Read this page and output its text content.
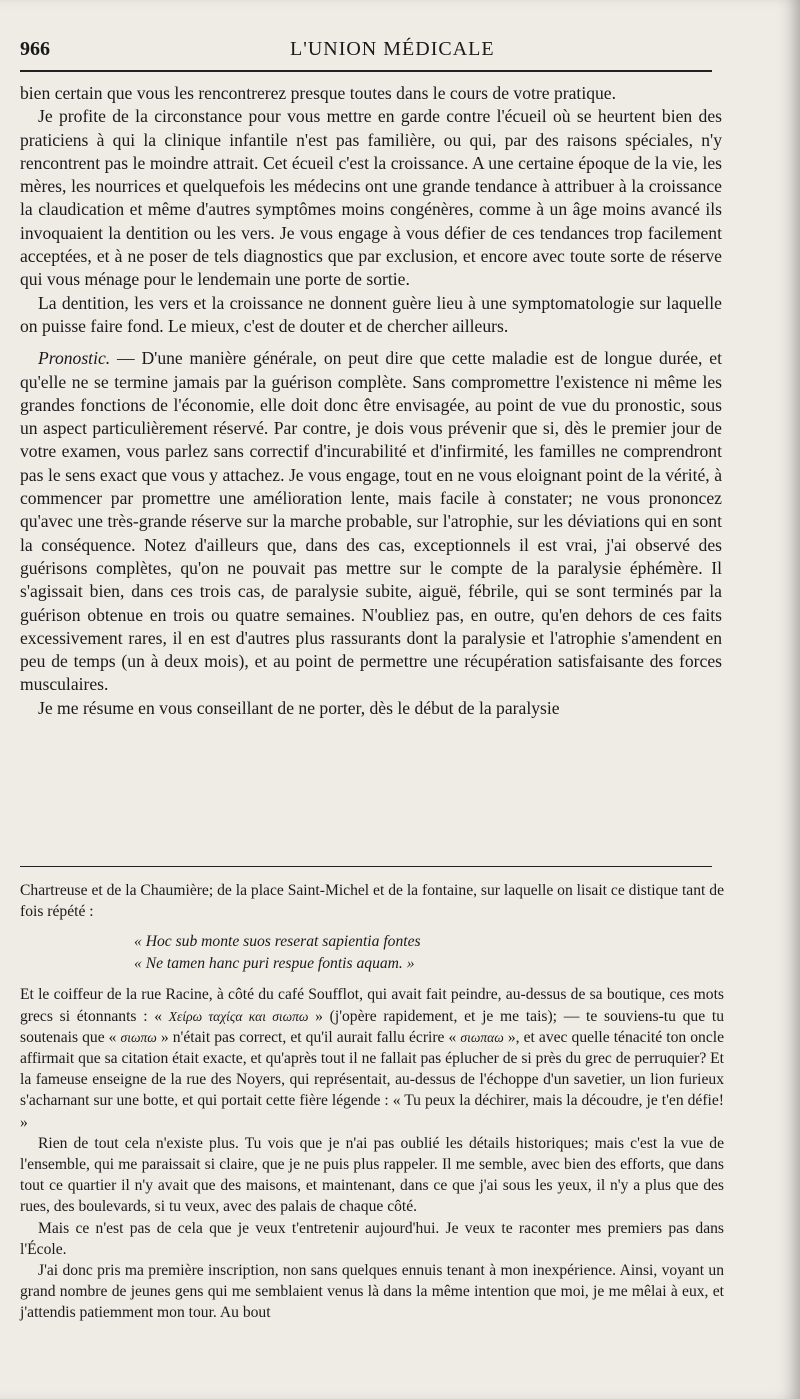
966	L'UNION MÉDICALE

bien certain que vous les rencontrerez presque toutes dans le cours de votre pratique.

Je profite de la circonstance pour vous mettre en garde contre l'écueil où se heurtent bien des praticiens à qui la clinique infantile n'est pas familière, ou qui, par des raisons spéciales, n'y rencontrent pas le moindre attrait. Cet écueil c'est la croissance. A une certaine époque de la vie, les mères, les nourrices et quelquefois les médecins ont une grande tendance à attribuer à la croissance la claudication et même d'autres symptômes moins congénères, comme à un âge moins avancé ils invoquaient la dentition ou les vers. Je vous engage à vous défier de ces tendances trop facilement acceptées, et à ne poser de tels diagnostics que par exclusion, et encore avec toute sorte de réserve qui vous ménage pour le lendemain une porte de sortie.

La dentition, les vers et la croissance ne donnent guère lieu à une symptomatologie sur laquelle on puisse faire fond. Le mieux, c'est de douter et de chercher ailleurs.

Pronostic. — D'une manière générale, on peut dire que cette maladie est de longue durée, et qu'elle ne se termine jamais par la guérison complète. Sans compromettre l'existence ni même les grandes fonctions de l'économie, elle doit donc être envisagée, au point de vue du pronostic, sous un aspect particulièrement réservé. Par contre, je dois vous prévenir que si, dès le premier jour de votre examen, vous parlez sans correctif d'incurabilité et d'infirmité, les familles ne comprendront pas le sens exact que vous y attachez. Je vous engage, tout en ne vous eloignant point de la vérité, à commencer par promettre une amélioration lente, mais facile à constater; ne vous prononcez qu'avec une très-grande réserve sur la marche probable, sur l'atrophie, sur les déviations qui en sont la conséquence. Notez d'ailleurs que, dans des cas, exceptionnels il est vrai, j'ai observé des guérisons complètes, qu'on ne pouvait pas mettre sur le compte de la paralysie éphémère. Il s'agissait bien, dans ces trois cas, de paralysie subite, aiguë, fébrile, qui se sont terminés par la guérison obtenue en trois ou quatre semaines. N'oubliez pas, en outre, qu'en dehors de ces faits excessivement rares, il en est d'autres plus rassurants dont la paralysie et l'atrophie s'amendent en peu de temps (un à deux mois), et au point de permettre une récupération satisfaisante des forces musculaires.

Je me résume en vous conseillant de ne porter, dès le début de la paralysie

Chartreuse et de la Chaumière; de la place Saint-Michel et de la fontaine, sur laquelle on lisait ce distique tant de fois répété :

« Hoc sub monte suos reserat sapientia fontes
« Ne tamen hanc puri respue fontis aquam. »

Et le coiffeur de la rue Racine, à côté du café Soufflot, qui avait fait peindre, au-dessus de sa boutique, ces mots grecs si étonnants : « Χείρω ταχίςα και σιωπω » (j'opère rapidement, et je me tais); — te souviens-tu que tu soutenais que « σιωπω » n'était pas correct, et qu'il aurait fallu écrire « σιωπαω », et avec quelle ténacité ton oncle affirmait que sa citation était exacte, et qu'après tout il ne fallait pas éplucher de si près du grec de perruquier? Et la fameuse enseigne de la rue des Noyers, qui représentait, au-dessus de l'échoppe d'un savetier, un lion furieux s'acharnant sur une botte, et qui portait cette fière légende : « Tu peux la déchirer, mais la découdre, je t'en défie! »

Rien de tout cela n'existe plus. Tu vois que je n'ai pas oublié les détails historiques; mais c'est la vue de l'ensemble, qui me paraissait si claire, que je ne puis plus rappeler. Il me semble, avec bien des efforts, que dans tout ce quartier il n'y avait que des maisons, et maintenant, dans ce que j'ai sous les yeux, il n'y a plus que des rues, des boulevards, si tu veux, avec des palais de chaque côté.

Mais ce n'est pas de cela que je veux t'entretenir aujourd'hui. Je veux te raconter mes premiers pas dans l'École.

J'ai donc pris ma première inscription, non sans quelques ennuis tenant à mon inexpérience. Ainsi, voyant un grand nombre de jeunes gens qui me semblaient venus là dans la même intention que moi, je me mêlai à eux, et j'attendis patiemment mon tour. Au bout
